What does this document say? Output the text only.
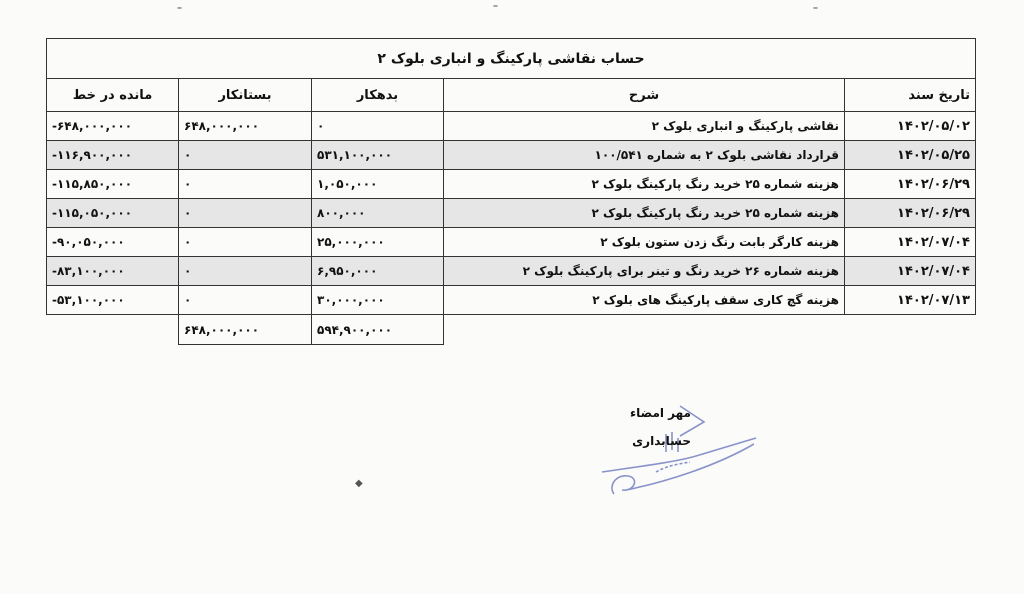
¯	¯	¯
◆
حساب نقاشی پارکینگ و انباری بلوک ۲				
تاریخ سند	شرح	بدهکار	بستانکار	مانده در خط
۱۴۰۲/۰۵/۰۲	نقاشی پارکینگ و انباری بلوک ۲	۰	۶۴۸,۰۰۰,۰۰۰	-۶۴۸,۰۰۰,۰۰۰
۱۴۰۲/۰۵/۲۵	قرارداد نقاشی بلوک ۲ به شماره ۱۰۰/۵۴۱	۵۳۱,۱۰۰,۰۰۰	۰	-۱۱۶,۹۰۰,۰۰۰
۱۴۰۲/۰۶/۲۹	هزینه شماره ۲۵ خرید رنگ پارکینگ بلوک ۲	۱,۰۵۰,۰۰۰	۰	-۱۱۵,۸۵۰,۰۰۰
۱۴۰۲/۰۶/۲۹	هزینه شماره ۲۵ خرید رنگ پارکینگ بلوک ۲	۸۰۰,۰۰۰	۰	-۱۱۵,۰۵۰,۰۰۰
۱۴۰۲/۰۷/۰۴	هزینه کارگر بابت رنگ زدن ستون بلوک ۲	۲۵,۰۰۰,۰۰۰	۰	-۹۰,۰۵۰,۰۰۰
۱۴۰۲/۰۷/۰۴	هزینه شماره ۲۶ خرید رنگ و تینر برای پارکینگ بلوک ۲	۶,۹۵۰,۰۰۰	۰	-۸۳,۱۰۰,۰۰۰
۱۴۰۲/۰۷/۱۳	هزینه گچ کاری سقف پارکینگ های بلوک ۲	۳۰,۰۰۰,۰۰۰	۰	-۵۳,۱۰۰,۰۰۰
		۵۹۴,۹۰۰,۰۰۰	۶۴۸,۰۰۰,۰۰۰	
مهر امضاء
حسابداری
